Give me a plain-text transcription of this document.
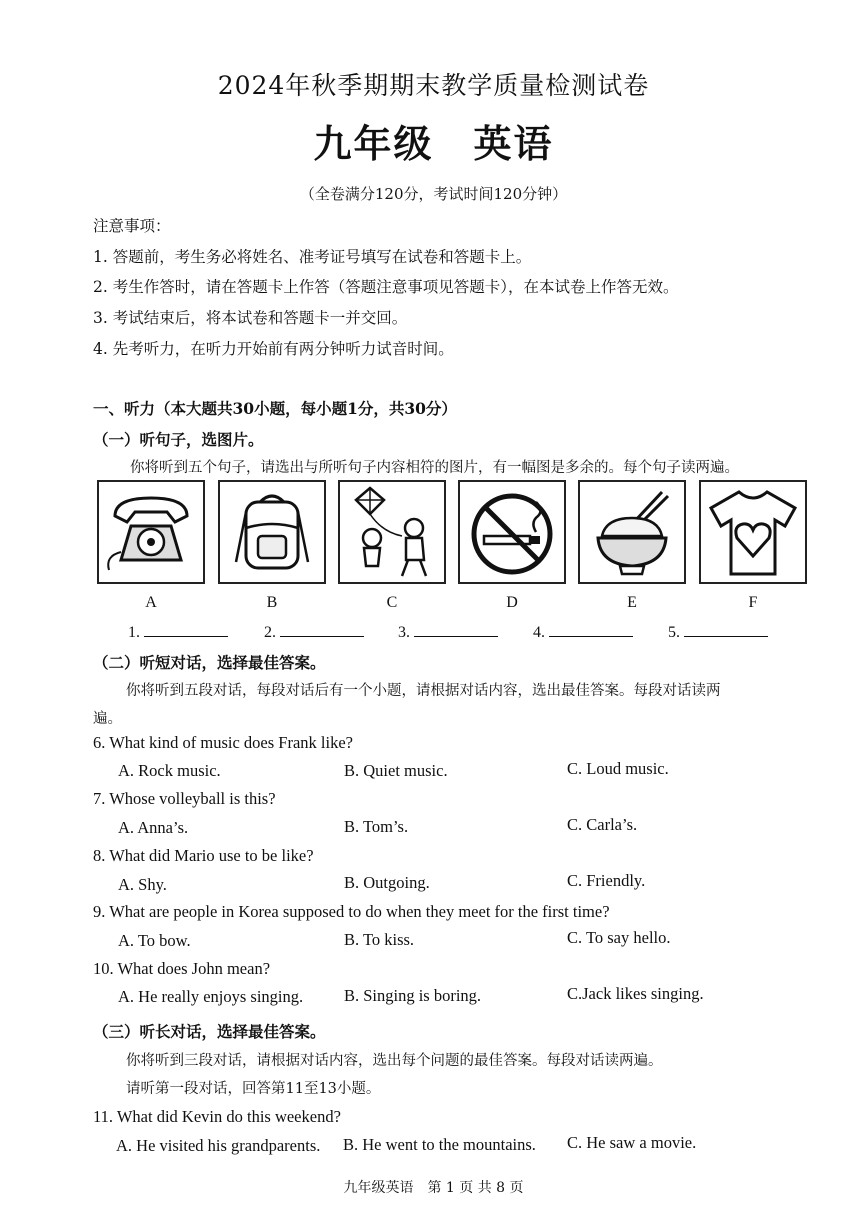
2024年秋季期期末教学质量检测试卷
九年级 英语
（全卷满分120分，考试时间120分钟）
注意事项：
1. 答题前，考生务必将姓名、准考证号填写在试卷和答题卡上。
2. 考生作答时，请在答题卡上作答（答题注意事项见答题卡），在本试卷上作答无效。
3. 考试结束后，将本试卷和答题卡一并交回。
4. 先考听力，在听力开始前有两分钟听力试音时间。
一、听力（本大题共30小题，每小题1分，共30分）
（一）听句子，选图片。
你将听到五个句子，请选出与所听句子内容相符的图片，有一幅图是多余的。每个句子读两遍。
A	B	C	D	E	F
1.	2.	3.	4.	5.
（二）听短对话，选择最佳答案。
你将听到五段对话，每段对话后有一个小题，请根据对话内容，选出最佳答案。每段对话读两
遍。
6. What kind of music does Frank like?
A. Rock music.	B. Quiet music.	C. Loud music.
7. Whose volleyball is this?
A. Anna’s.	B. Tom’s.	C. Carla’s.
8. What did Mario use to be like?
A. Shy.	B. Outgoing.	C. Friendly.
9. What are people in Korea supposed to do when they meet for the first time?
A. To bow.	B. To kiss.	C. To say hello.
10. What does John mean?
A. He really enjoys singing. B. Singing is boring.	C.Jack likes singing.
（三）听长对话，选择最佳答案。
你将听到三段对话，请根据对话内容，选出每个问题的最佳答案。每段对话读两遍。
请听第一段对话，回答第11至13小题。
11. What did Kevin do this weekend?
A. He visited his grandparents. B. He went to the mountains. C. He saw a movie.
九年级英语　第 1 页 共 8 页
